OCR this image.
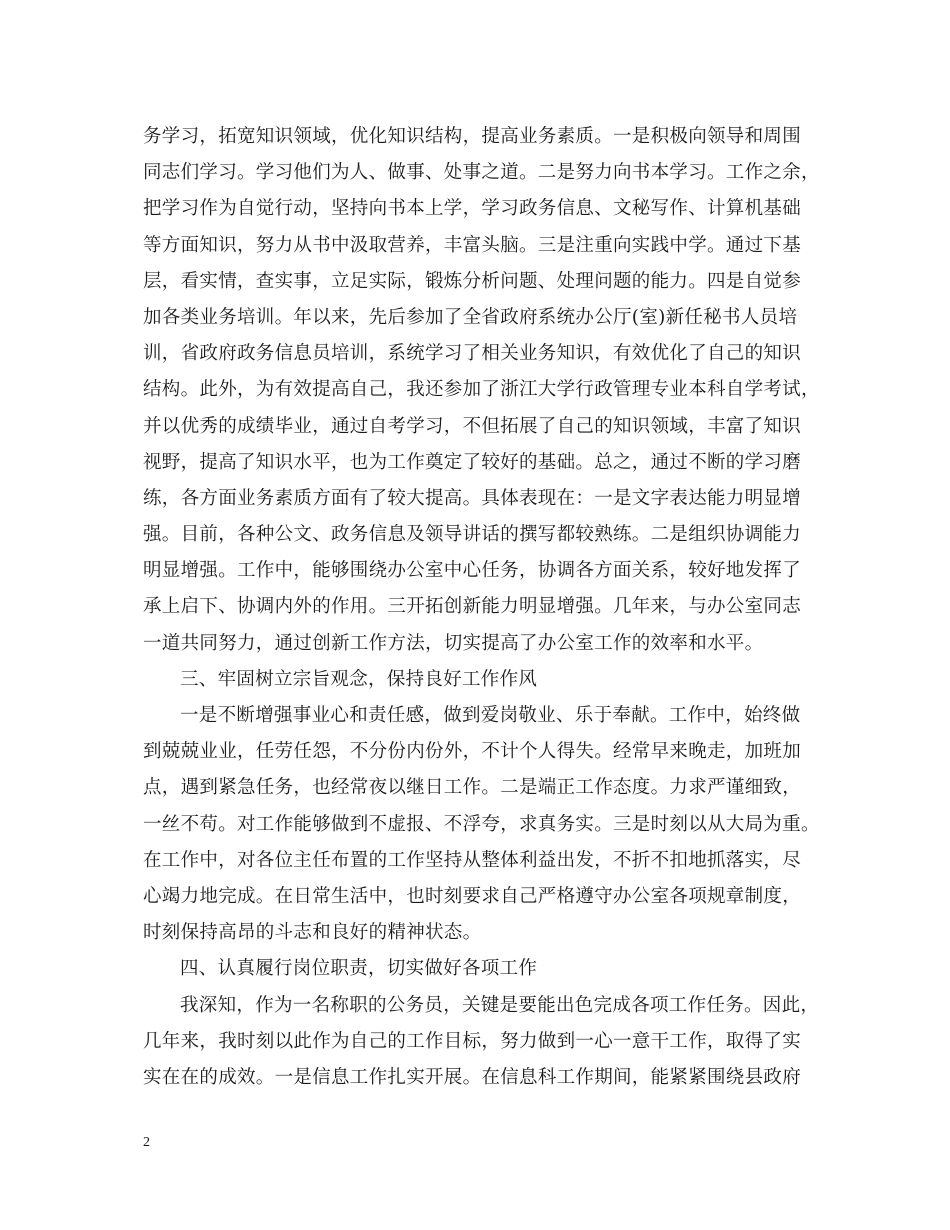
务学习，拓宽知识领域，优化知识结构，提高业务素质。一是积极向领导和周围
同志们学习。学习他们为人、做事、处事之道。二是努力向书本学习。工作之余，
把学习作为自觉行动，坚持向书本上学，学习政务信息、文秘写作、计算机基础
等方面知识，努力从书中汲取营养，丰富头脑。三是注重向实践中学。通过下基
层，看实情，查实事，立足实际，锻炼分析问题、处理问题的能力。四是自觉参
加各类业务培训。年以来，先后参加了全省政府系统办公厅(室)新任秘书人员培
训，省政府政务信息员培训，系统学习了相关业务知识，有效优化了自己的知识
结构。此外，为有效提高自己，我还参加了浙江大学行政管理专业本科自学考试，
并以优秀的成绩毕业，通过自考学习，不但拓展了自己的知识领域，丰富了知识
视野，提高了知识水平，也为工作奠定了较好的基础。总之，通过不断的学习磨
练，各方面业务素质方面有了较大提高。具体表现在：一是文字表达能力明显增
强。目前，各种公文、政务信息及领导讲话的撰写都较熟练。二是组织协调能力
明显增强。工作中，能够围绕办公室中心任务，协调各方面关系，较好地发挥了
承上启下、协调内外的作用。三开拓创新能力明显增强。几年来，与办公室同志
一道共同努力，通过创新工作方法，切实提高了办公室工作的效率和水平。
三、牢固树立宗旨观念，保持良好工作作风
一是不断增强事业心和责任感，做到爱岗敬业、乐于奉献。工作中，始终做
到兢兢业业，任劳任怨，不分份内份外，不计个人得失。经常早来晚走，加班加
点，遇到紧急任务，也经常夜以继日工作。二是端正工作态度。力求严谨细致，
一丝不苟。对工作能够做到不虚报、不浮夸，求真务实。三是时刻以从大局为重。
在工作中，对各位主任布置的工作坚持从整体利益出发，不折不扣地抓落实，尽
心竭力地完成。在日常生活中，也时刻要求自己严格遵守办公室各项规章制度，
时刻保持高昂的斗志和良好的精神状态。
四、认真履行岗位职责，切实做好各项工作
我深知，作为一名称职的公务员，关键是要能出色完成各项工作任务。因此，
几年来，我时刻以此作为自己的工作目标，努力做到一心一意干工作，取得了实
实在在的成效。一是信息工作扎实开展。在信息科工作期间，能紧紧围绕县政府
2
